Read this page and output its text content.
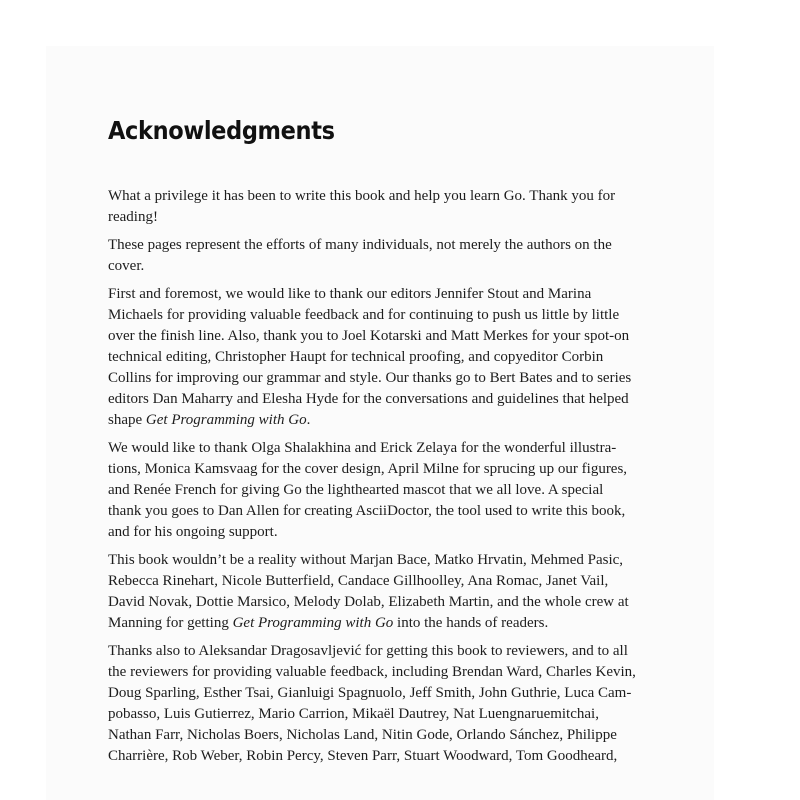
Acknowledgments

What a privilege it has been to write this book and help you learn Go. Thank you for
reading!

These pages represent the efforts of many individuals, not merely the authors on the
cover.

First and foremost, we would like to thank our editors Jennifer Stout and Marina
Michaels for providing valuable feedback and for continuing to push us little by little
over the finish line. Also, thank you to Joel Kotarski and Matt Merkes for your spot-on
technical editing, Christopher Haupt for technical proofing, and copyeditor Corbin
Collins for improving our grammar and style. Our thanks go to Bert Bates and to series
editors Dan Maharry and Elesha Hyde for the conversations and guidelines that helped
shape Get Programming with Go.

We would like to thank Olga Shalakhina and Erick Zelaya for the wonderful illustra-
tions, Monica Kamsvaag for the cover design, April Milne for sprucing up our figures,
and Renée French for giving Go the lighthearted mascot that we all love. A special
thank you goes to Dan Allen for creating AsciiDoctor, the tool used to write this book,
and for his ongoing support.

This book wouldn’t be a reality without Marjan Bace, Matko Hrvatin, Mehmed Pasic,
Rebecca Rinehart, Nicole Butterfield, Candace Gillhoolley, Ana Romac, Janet Vail,
David Novak, Dottie Marsico, Melody Dolab, Elizabeth Martin, and the whole crew at
Manning for getting Get Programming with Go into the hands of readers.

Thanks also to Aleksandar Dragosavljević for getting this book to reviewers, and to all
the reviewers for providing valuable feedback, including Brendan Ward, Charles Kevin,
Doug Sparling, Esther Tsai, Gianluigi Spagnuolo, Jeff Smith, John Guthrie, Luca Cam-
pobasso, Luis Gutierrez, Mario Carrion, Mikaël Dautrey, Nat Luengnaruemitchai,
Nathan Farr, Nicholas Boers, Nicholas Land, Nitin Gode, Orlando Sánchez, Philippe
Charrière, Rob Weber, Robin Percy, Steven Parr, Stuart Woodward, Tom Goodheard,
